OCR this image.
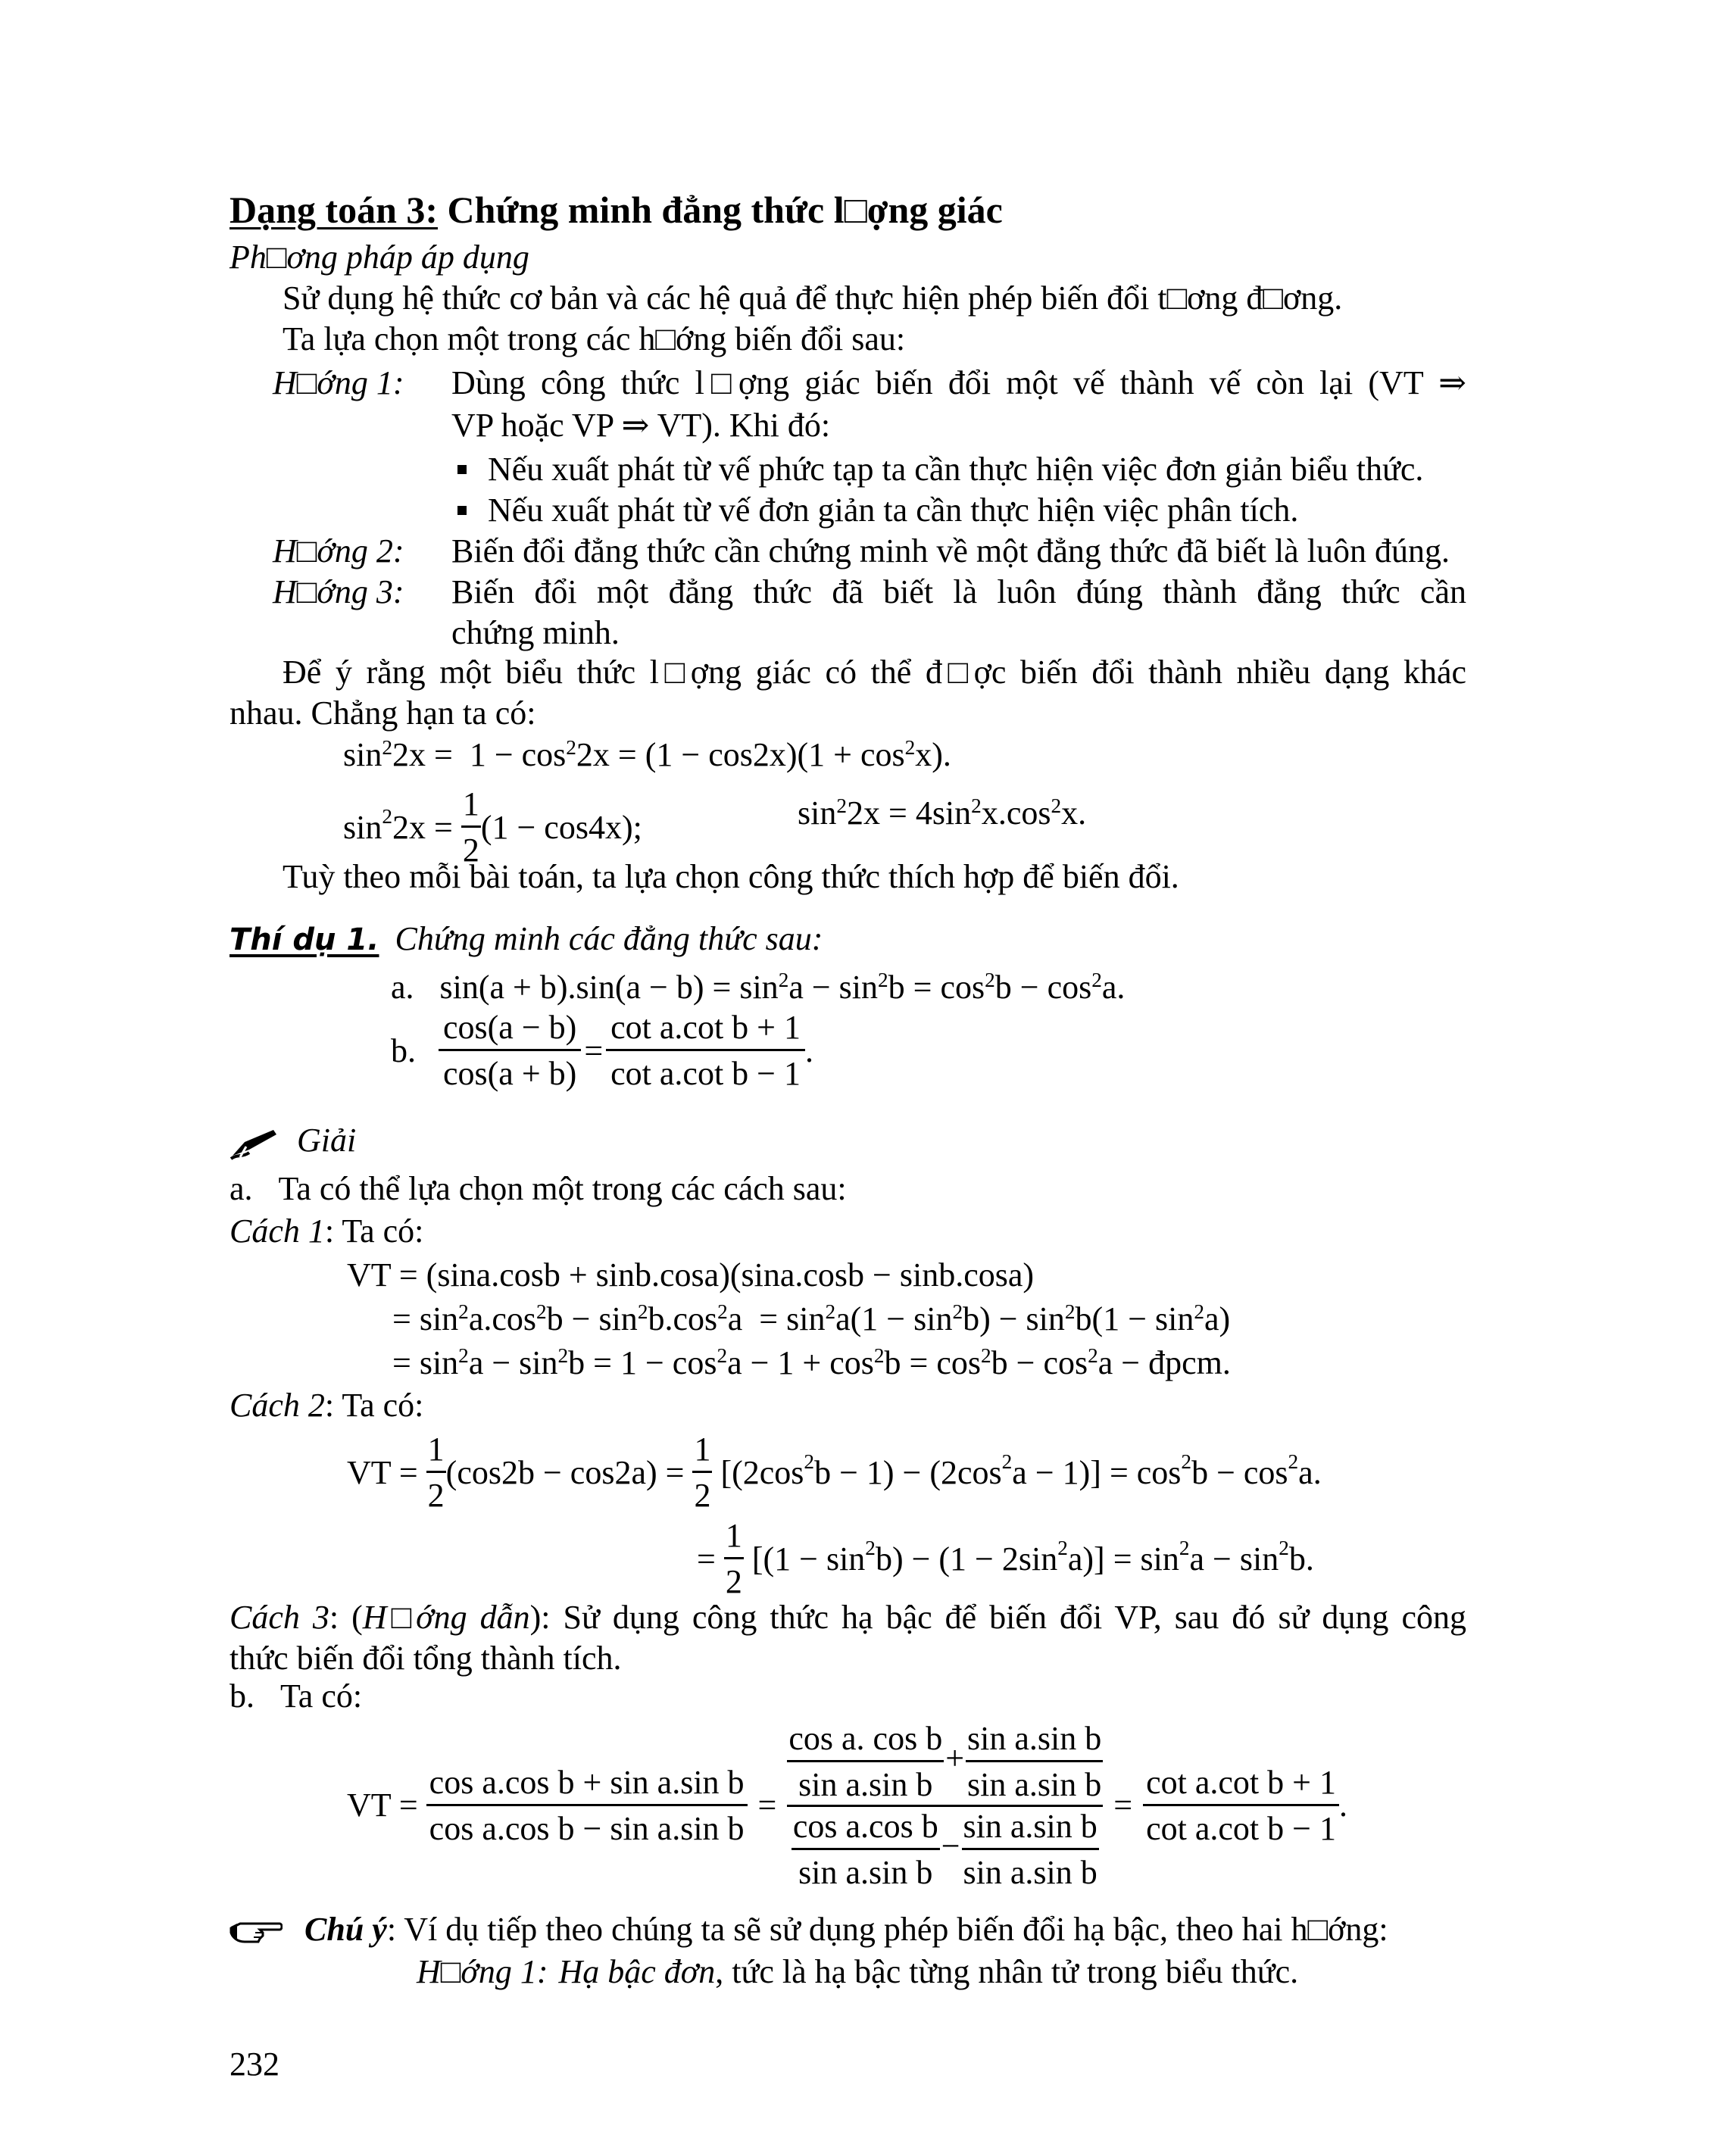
Dạng toán 3: Chứng minh đẳng thức l□ợng giác
Ph□ơng pháp áp dụng
Sử dụng hệ thức cơ bản và các hệ quả để thực hiện phép biến đổi t□ơng đ□ơng.
Ta lựa chọn một trong các h□ớng biến đổi sau:
H□ớng 1: Dùng công thức l□ợng giác biến đổi một vế thành vế còn lại (VT ⇒
VP hoặc VP ⇒ VT). Khi đó:
Nếu xuất phát từ vế phức tạp ta cần thực hiện việc đơn giản biểu thức.
Nếu xuất phát từ vế đơn giản ta cần thực hiện việc phân tích.
H□ớng 2: Biến đổi đẳng thức cần chứng minh về một đẳng thức đã biết là luôn đúng.
H□ớng 3: Biến đổi một đẳng thức đã biết là luôn đúng thành đẳng thức cần
chứng minh.
Để ý rằng một biểu thức l□ợng giác có thể đ□ợc biến đổi thành nhiều dạng khác
nhau. Chẳng hạn ta có:
$\sin^22x = 1 - \cos^22x = (1 - \cos 2x)(1 + \cos^2x)$.
$\sin^2 2x = \frac{1}{2} (1 - \cos 4x)$;	$\sin^22x = 4\sin^2x.\cos^2x$.
Tuỳ theo mỗi bài toán, ta lựa chọn công thức thích hợp để biến đổi.
Thí dụ 1. Chứng minh các đẳng thức sau:
a. $\sin(a + b).\sin(a - b) = \sin^2a - \sin^2b = \cos^2b - \cos^2a$.
b. $\frac{\cos(a - b)}{\cos(a + b)} = \frac{\text{cot a.cot b + 1}}{\text{cot a.cot b − 1}}$ .
Giải
a. Ta có thể lựa chọn một trong các cách sau:
Cách 1: Ta có:
VT = (sina.cosb + sinb.cosa)(sina.cosb − sinb.cosa)
= $\sin^2a.\cos^2b - \sin^2b.\cos^2a = \sin^2a(1 - \sin^2b) - \sin^2b(1 - \sin^2a)$
= $\sin^2a - \sin^2b = 1 - \cos^2a - 1 + \cos^2b = \cos^2b - \cos^2a$ − đpcm.
Cách 2: Ta có:
VT = $\frac{1}{2} (\cos 2b - \cos 2a) = \frac{1}{2} [(2\cos^2$ $b - 1) - (2\cos^2$ $a - 1)] = \cos^2 b - \cos^2 a$.
= $\frac{1}{2} [(1 - \sin^2 b) - (1 - 2\sin^2$ $a)] = \sin^2 a - \sin^2 b$.
Cách 3: (H□ớng dẫn): Sử dụng công thức hạ bậc để biến đổi VP, sau đó sử dụng công
thức biến đổi tổng thành tích.
b. Ta có:
VT = $\frac{\text{cos a.cos b + sin a.sin b}}{\text{cos a.cos b − sin a.sin b}}$ =
$\frac{\text{cos a. cos b}}{\text{sin a.sin b}} + \frac{\text{sin a.sin b}}{\text{sin a.sin b}}$
$\frac{\text{cos a.cos b}}{\text{sin a.sin b}} - \frac{\text{sin a.sin b}}{\text{sin a.sin b}}$
= $\frac{\text{cot a.cot b + 1}}{\text{cot a.cot b − 1}}$ .
Chú ý: Ví dụ tiếp theo chúng ta sẽ sử dụng phép biến đổi hạ bậc, theo hai h□ớng:
H□ớng 1: Hạ bậc đơn, tức là hạ bậc từng nhân tử trong biểu thức.
232
